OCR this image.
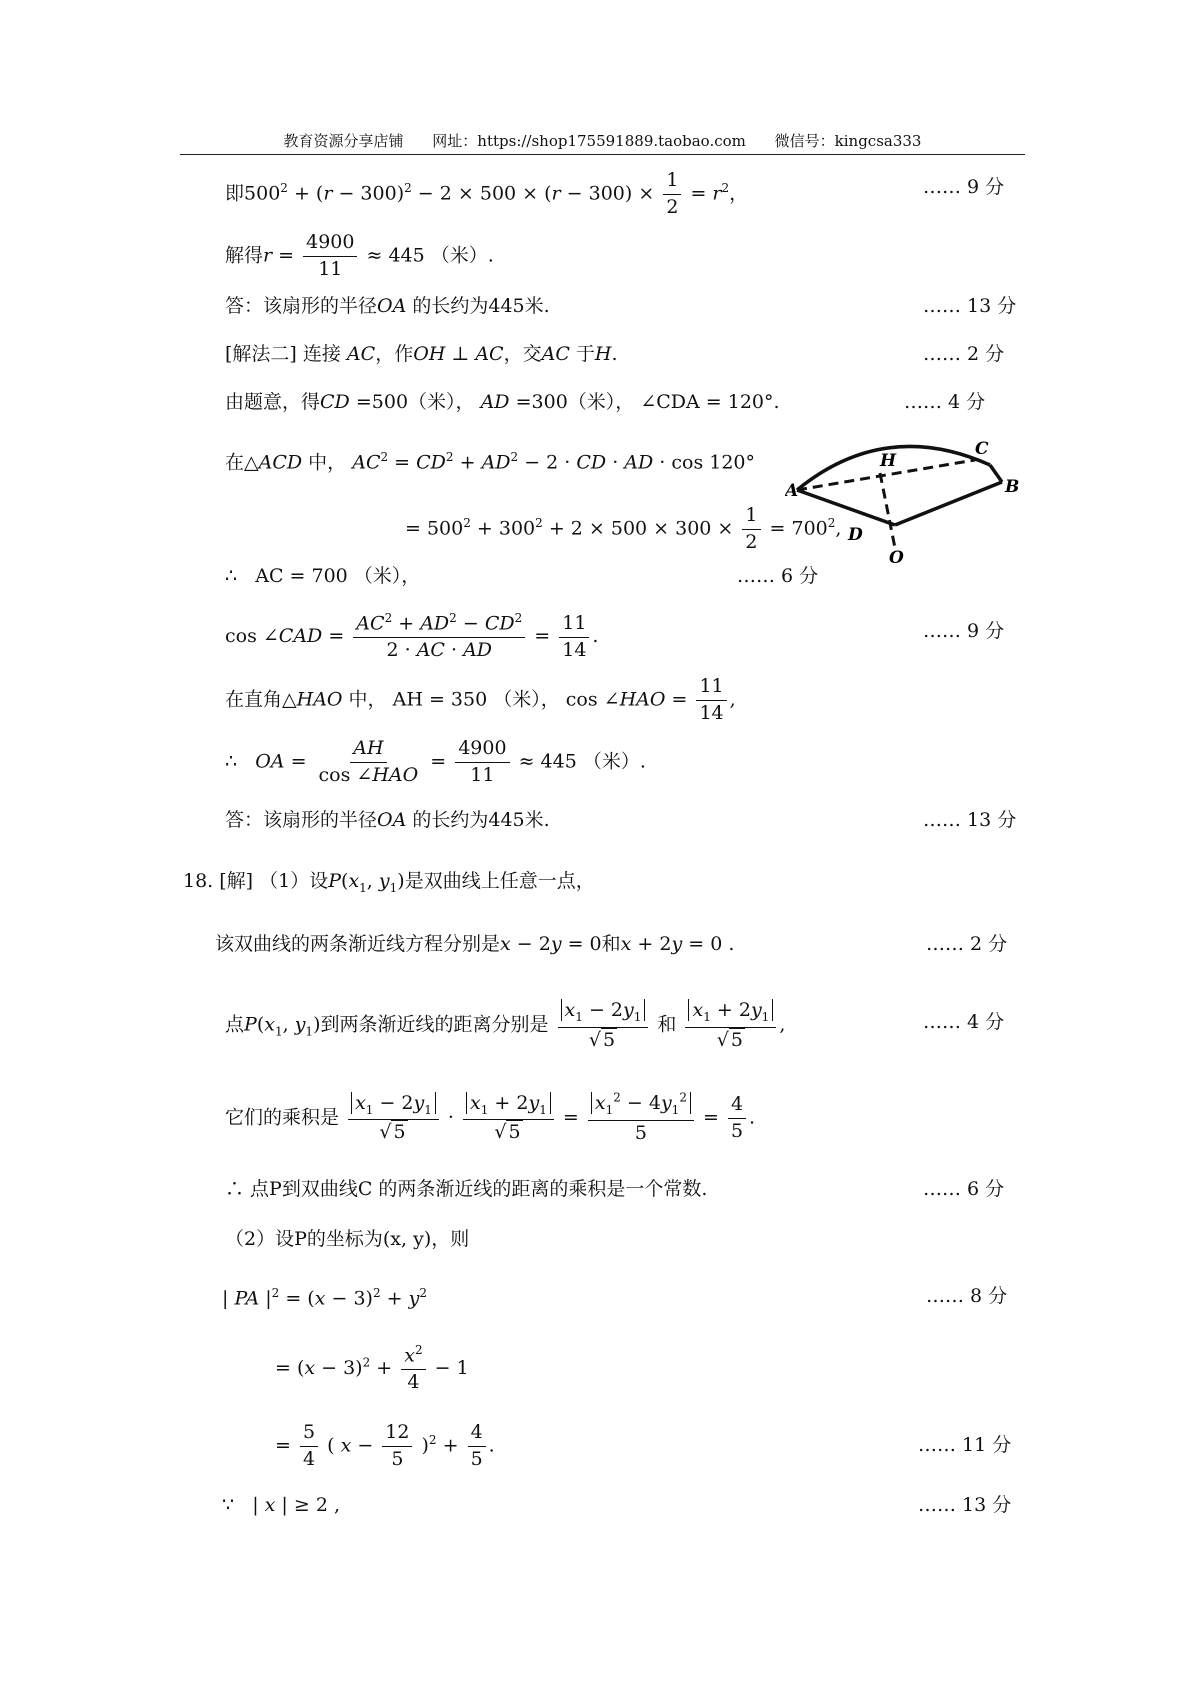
教育资源分享店铺 网址：https://shop175591889.taobao.com 微信号：kingcsa333
即$500^2 + (r - 300)^2 - 2 \times 500 \times (r - 300) \times \frac{1}{2} = r^2$，	…… 9 分
解得$r = \frac{4900}{11} \approx 445$ （米）.
答：该扇形的半径OA 的长约为445米.	…… 13 分
[解法二] 连接 AC，作OH ⊥ AC，交AC 于H.	…… 2 分
由题意，得CD =500（米）， AD =300（米）， ∠CDA = 120°.	…… 4 分
在△ACD 中， $AC^2 = CD^2 + AD^2 - 2$ · CD · AD · cos 120°
= $500^2 + 300^2 + 2 \times 500 \times 300 \times \frac{1}{2} = 700^2$,
A	B
C
D
H
O
∴   AC = 700 （米），	…… 6 分
cos ∠CAD = $\frac{AC^2 + AD^2 - CD^2}{2 \cdot AC \cdot AD} = \frac{11}{14}$ .	…… 9 分
在直角△HAO 中， AH = 350 （米）， cos ∠HAO = $\frac{11}{14}$ ,
∴   OA = $\frac{AH}{\text{cos ∠HAO}} = \frac{4900}{11} \approx 445$ （米）.
答：该扇形的半径OA 的长约为445米.	…… 13 分
18. [解] （1）设$P(x_1$, $y_1$)是双曲线上任意一点，
该双曲线的两条渐近线方程分别是x − 2y = 0和x + 2y = 0 .	…… 2 分
点$P(x_1$, $y_1$)到两条渐近线的距离分别是 $\frac{x_1 - 2y_1}{√ 5}$ 和 $\frac{x_1 + 2y_1}{√ 5}$ ,	…… 4 分
它们的乘积是 $\frac{x_1 - 2y_1}{√ 5} \cdot \frac{x_1 + 2y_1}{√ 5} = \frac{x_1^2 - 4y_1^2}{5} = \frac{4}{5}$ .
∴ 点P到双曲线C 的两条渐近线的距离的乘积是一个常数.	…… 6 分
（2）设P的坐标为(x, y)，则
| PA $|^2 = (x - 3)^2 + y^2$	…… 8 分
= $(x - 3)^2 + \frac{x^2}{4} - 1$
= $\frac{5}{4}$ ( $x - \frac{12}{5} )^2 + \frac{4}{5}$ .	…… 11 分
∵   | x | ≥ 2 ,	…… 13 分
